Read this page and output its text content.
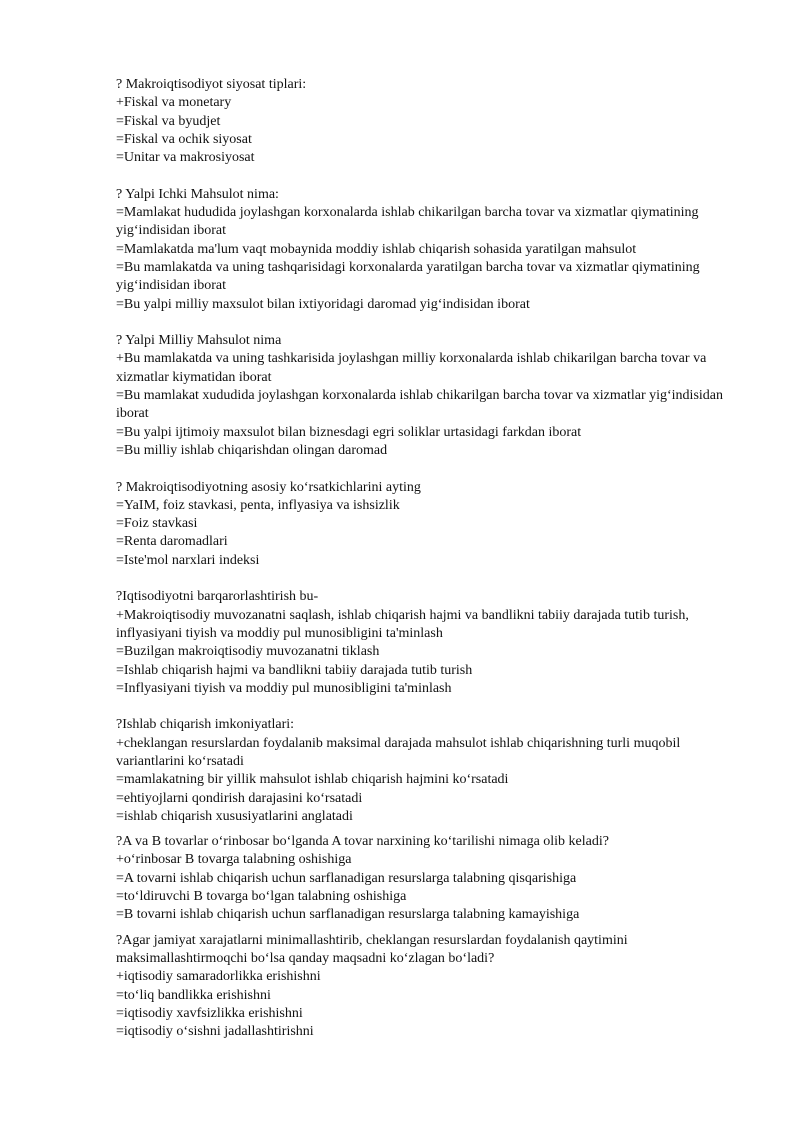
? Makroiqtisodiyot siyosat tiplari:
+Fiskal va monetary
=Fiskal va byudjet
=Fiskal va ochik siyosat
=Unitar va makrosiyosat
? Yalpi Ichki Mahsulot nima:
=Mamlakat hududida joylashgan korxonalarda ishlab chikarilgan barcha tovar va xizmatlar qiymatining yig‘indisidan iborat
=Mamlakatda ma'lum vaqt mobaynida moddiy ishlab chiqarish sohasida yaratilgan mahsulot
=Bu mamlakatda va uning tashqarisidagi korxonalarda yaratilgan barcha tovar va xizmatlar qiymatining yig‘indisidan iborat
=Bu yalpi milliy maxsulot bilan ixtiyoridagi daromad yig‘indisidan iborat
? Yalpi Milliy Mahsulot nima
+Bu mamlakatda va uning tashkarisida joylashgan milliy korxonalarda ishlab chikarilgan barcha tovar va xizmatlar kiymatidan iborat
=Bu mamlakat xududida joylashgan korxonalarda ishlab chikarilgan barcha tovar va xizmatlar yig‘indisidan iborat
=Bu yalpi ijtimoiy maxsulot bilan biznesdagi egri soliklar urtasidagi farkdan iborat
=Bu milliy ishlab chiqarishdan olingan daromad
? Makroiqtisodiyotning asosiy ko‘rsatkichlarini ayting
=YaIM, foiz stavkasi, penta, inflyasiya va ishsizlik
=Foiz stavkasi
=Renta daromadlari
=Iste'mol narxlari indeksi
?Iqtisodiyotni barqarorlashtirish bu-
+Makroiqtisodiy muvozanatni saqlash, ishlab chiqarish hajmi va bandlikni tabiiy darajada tutib turish, inflyasiyani tiyish va moddiy pul munosibligini ta'minlash
=Buzilgan makroiqtisodiy muvozanatni tiklash
=Ishlab chiqarish hajmi va bandlikni tabiiy darajada tutib turish
=Inflyasiyani tiyish va moddiy pul munosibligini ta'minlash
?Ishlab chiqarish imkoniyatlari:
+cheklangan resurslardan foydalanib maksimal darajada mahsulot ishlab chiqarishning turli muqobil variantlarini ko‘rsatadi
=mamlakatning bir yillik mahsulot ishlab chiqarish hajmini ko‘rsatadi
=ehtiyojlarni qondirish darajasini ko‘rsatadi
=ishlab chiqarish xususiyatlarini anglatadi
?A va B tovarlar o‘rinbosar bo‘lganda A tovar narxining ko‘tarilishi nimaga olib keladi?
+o‘rinbosar B tovarga talabning oshishiga
=A tovarni ishlab chiqarish uchun sarflanadigan resurslarga talabning qisqarishiga
=to‘ldiruvchi B tovarga bo‘lgan talabning oshishiga
=B tovarni ishlab chiqarish uchun sarflanadigan resurslarga talabning kamayishiga
?Agar jamiyat xarajatlarni minimallashtirib, cheklangan resurslardan foydalanish qaytimini maksimallashtirmoqchi bo‘lsa qanday maqsadni ko‘zlagan bo‘ladi?
+iqtisodiy samaradorlikka erishishni
=to‘liq bandlikka erishishni
=iqtisodiy xavfsizlikka erishishni
=iqtisodiy o‘sishni jadallashtirishni
